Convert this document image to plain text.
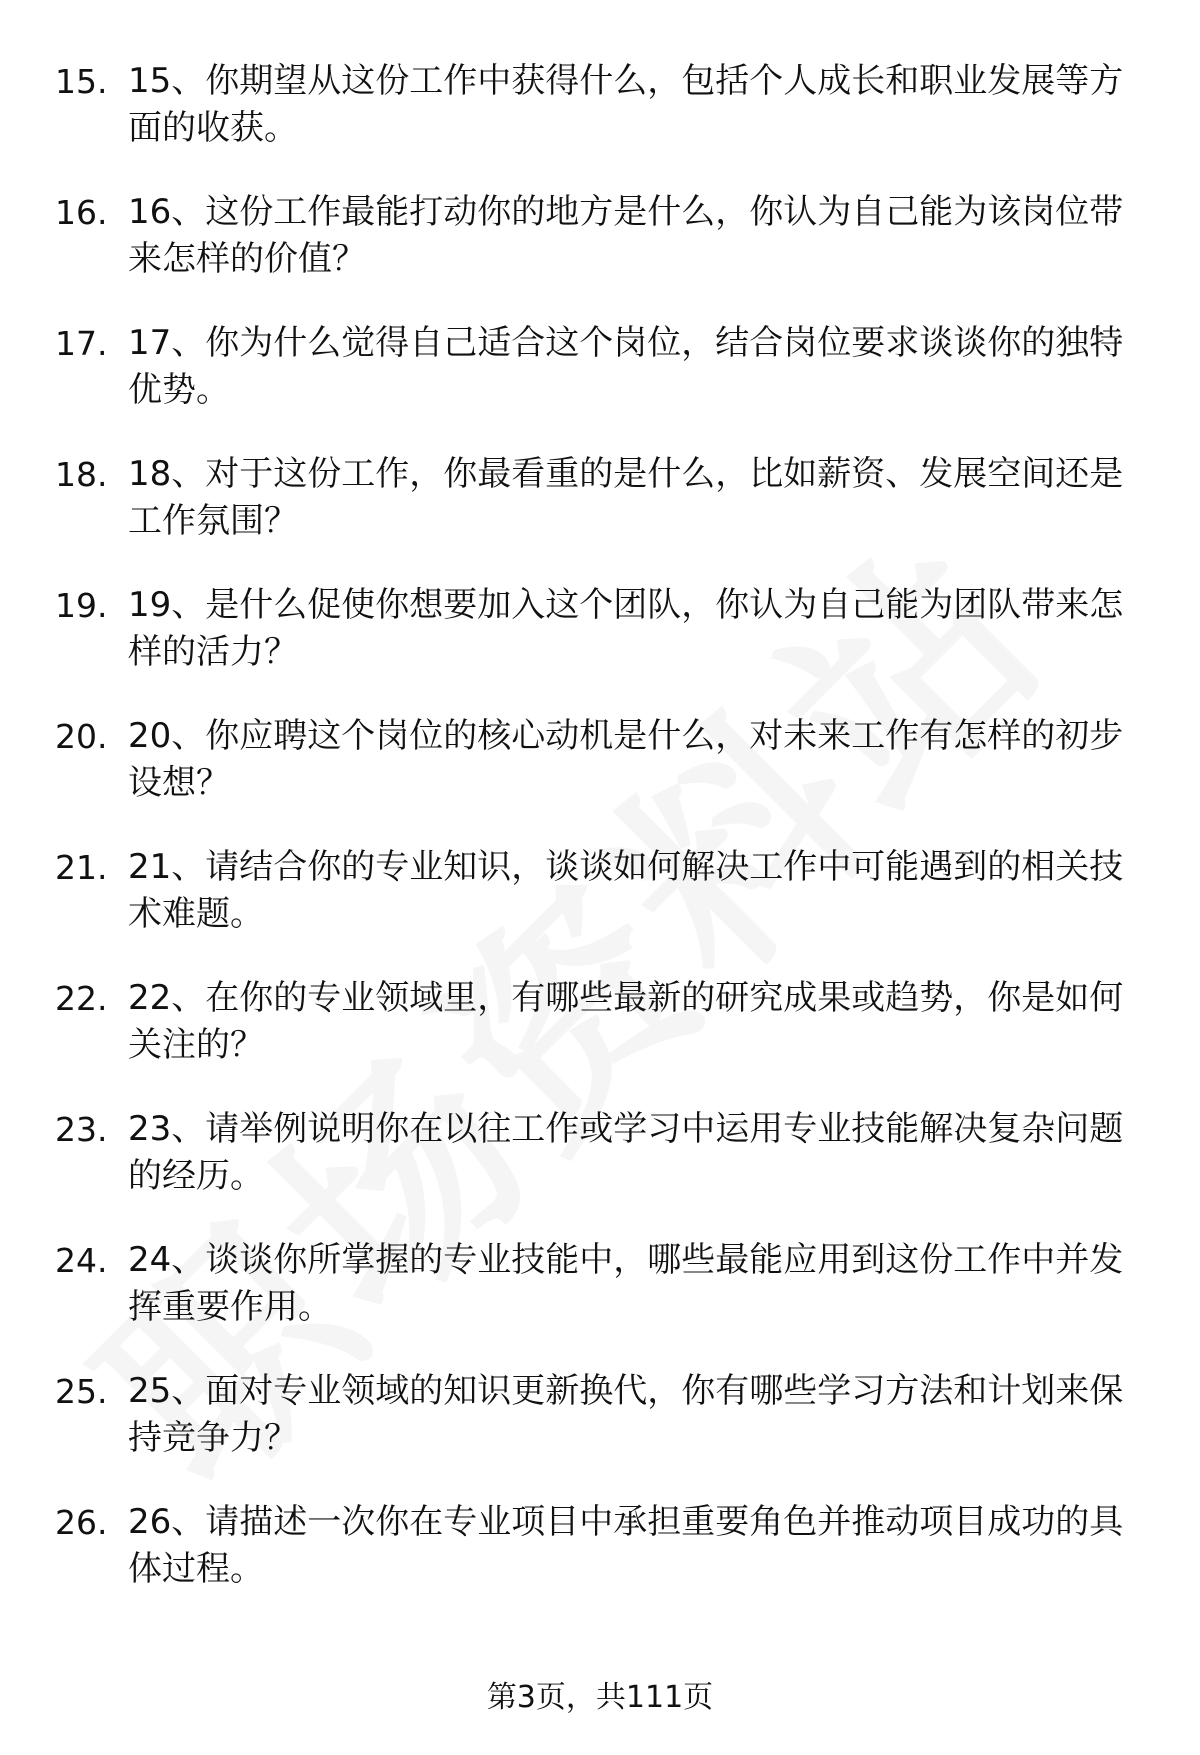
15. 15、你期望从这份工作中获得什么，包括个人成长和职业发展等方面的收获。
16. 16、这份工作最能打动你的地方是什么，你认为自己能为该岗位带来怎样的价值？
17. 17、你为什么觉得自己适合这个岗位，结合岗位要求谈谈你的独特优势。
18. 18、对于这份工作，你最看重的是什么，比如薪资、发展空间还是工作氛围？
19. 19、是什么促使你想要加入这个团队，你认为自己能为团队带来怎样的活力？
20. 20、你应聘这个岗位的核心动机是什么，对未来工作有怎样的初步设想？
21. 21、请结合你的专业知识，谈谈如何解决工作中可能遇到的相关技术难题。
22. 22、在你的专业领域里，有哪些最新的研究成果或趋势，你是如何关注的？
23. 23、请举例说明你在以往工作或学习中运用专业技能解决复杂问题的经历。
24. 24、谈谈你所掌握的专业技能中，哪些最能应用到这份工作中并发挥重要作用。
25. 25、面对专业领域的知识更新换代，你有哪些学习方法和计划来保持竞争力？
26. 26、请描述一次你在专业项目中承担重要角色并推动项目成功的具体过程。
第3页，共111页
